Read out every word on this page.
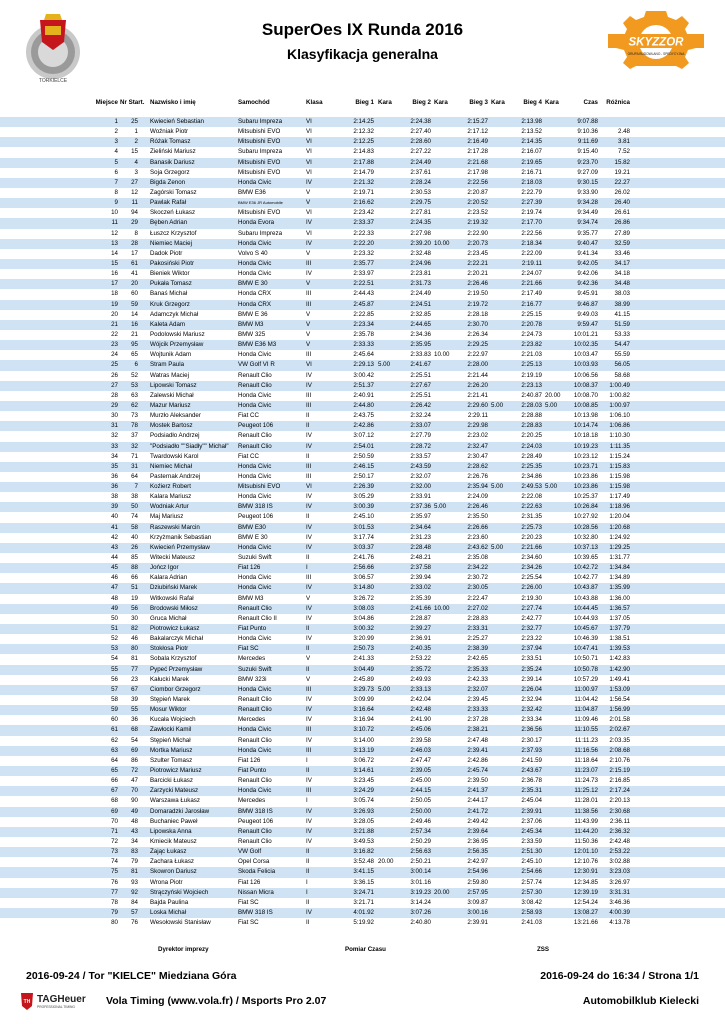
TORKIELCE
SuperOes IX Runda 2016
Klasyfikacja generalna
SKYZZOR
GRUPA BUDOWLANO - SPEDYCYJNA
Miejsce Nr Start. Nazwisko i imię	Samochód	Klasa	Bieg 1 Kara	Bieg 2 Kara	Bieg 3 Kara	Bieg 4 Kara	Czas	Różnica
1	25 Kwiecień Sebastian	Subaru Impreza	VI	2:14.25	2:24.38	2:15.27	2:13.98	9:07.88
2	1 Woźniak Piotr	Mitsubishi EVO	VI	2:12.32	2:27.40	2:17.12	2:13.52	9:10.36	2.48
3	2 Różak Tomasz	Mitsubishi EVO	VI	2:12.25	2:28.60	2:16.49	2:14.35	9:11.69	3.81
4	15 Zieliński Mariusz	Subaru Impreza	VI	2:14.83	2:27.22	2:17.28	2:16.07	9:15.40	7.52
5	4 Banasik Dariusz	Mitsubishi EVO	VI	2:17.88	2:24.49	2:21.68	2:19.65	9:23.70	15.82
6	3 Soja Grzegorz	Mitsubishi EVO	VI	2:14.79	2:37.61	2:17.98	2:16.71	9:27.09	19.21
7	27 Bigda Zenon	Honda Civic	IV	2:21.32	2:28.24	2:22.56	2:18.03	9:30.15	22.27
8	12 Zagórski Tomasz	BMW E36	V	2:19.71	2:30.53	2:20.87	2:22.79	9:33.90	26.02
9	11 Pawlak Rafał	BMW E36 JR Automobile	V	2:16.62	2:29.75	2:20.52	2:27.39	9:34.28	26.40
10	94 Skoczeń Łukasz	Mitsubishi EVO	VI	2:23.42	2:27.81	2:23.52	2:19.74	9:34.49	26.61
11	29 Bęben Adrian	Honda Evora	IV	2:33.37	2:24.35	2:19.32	2:17.70	9:34.74	26.86
12	8 Łuszcz Krzysztof	Subaru Impreza	VI	2:22.33	2:27.98	2:22.90	2:22.56	9:35.77	27.89
13	28 Niemiec Maciej	Honda Civic	IV	2:22.20	2:39.20 10.00	2:20.73	2:18.34	9:40.47	32.59
14	17 Dadok Piotr	Volvo S 40	V	2:23.32	2:32.48	2:23.45	2:22.09	9:41.34	33.46
15	61 Pakosiński Piotr	Honda Civic	III	2:35.77	2:24.96	2:22.21	2:19.11	9:42.05	34.17
16	41 Bieniek Wiktor	Honda Civic	IV	2:33.97	2:23.81	2:20.21	2:24.07	9:42.06	34.18
17	20 Pukała Tomasz	BMW E 30	V	2:22.51	2:31.73	2:26.46	2:21.66	9:42.36	34.48
18	60 Banaś Michał	Honda CRX	III	2:44.43	2:24.49	2:19.50	2:17.49	9:45.91	38.03
19	59 Kruk Grzegorz	Honda CRX	III	2:45.87	2:24.51	2:19.72	2:16.77	9:46.87	38.99
20	14 Adamczyk Michał	BMW E 36	V	2:22.85	2:32.85	2:28.18	2:25.15	9:49.03	41.15
21	16 Kaleta Adam	BMW M3	V	2:23.34	2:44.65	2:30.70	2:20.78	9:59.47	51.59
22	21 Podolowski Mariusz	BMW 325	V	2:35.78	2:34.36	2:26.34	2:24.73	10:01.21	53.33
23	95 Wójcik Przemysław	BMW E36 M3	V	2:33.33	2:35.95	2:29.25	2:23.82	10:02.35	54.47
24	65 Wojtunik Adam	Honda Civic	III	2:45.64	2:33.83 10.00	2:22.97	2:21.03	10:03.47	55.59
25	6 Stram Paula	VW Golf VI R	VI	2:29.13 5.00	2:41.67	2:28.00	2:25.13	10:03.93	56.05
26	52 Watras Maciej	Renault Clio	IV	3:00.42	2:25.51	2:21.44	2:19.19	10:06.56	58.68
27	53 Lipowski Tomasz	Renault Clio	IV	2:51.37	2:27.67	2:26.20	2:23.13	10:08.37	1:00.49
28	63 Zalewski Michał	Honda Civic	III	2:40.91	2:25.51	2:21.41	2:40.87 20.00	10:08.70	1:00.82
29	62 Mazur Mariusz	Honda Civic	III	2:44.80	2:26.42	2:29.60 5.00	2:28.03 5.00	10:08.85	1:00.97
30	73 Murzło Aleksander	Fiat CC	II	2:43.75	2:32.24	2:29.11	2:28.88	10:13.98	1:06.10
31	78 Mostek Bartosz	Peugeot 106	II	2:42.86	2:33.07	2:29.98	2:28.83	10:14.74	1:06.86
32	37 Podsiadło Andrzej	Renault Clio	IV	3:07.12	2:27.79	2:23.02	2:20.25	10:18.18	1:10.30
33	32 "Podsiadło ""Siadły"" Michał" Renault Clio	IV	2:54.01	2:28.72	2:32.47	2:24.03	10:19.23	1:11.35
34	71 Twardowski Karol	Fiat CC	II	2:50.59	2:33.57	2:30.47	2:28.49	10:23.12	1:15.24
35	31 Niemiec Michał	Honda Civic	III	2:46.15	2:43.59	2:28.62	2:25.35	10:23.71	1:15.83
36	64 Pasternak Andrzej	Honda Civic	III	2:50.17	2:32.07	2:26.76	2:34.86	10:23.86	1:15.98
36	7 Koźierz Robert	Mitsubishi EVO	VI	2:26.39	2:32.00	2:35.94 5.00	2:49.53 5.00	10:23.86	1:15.98
38	38 Kalara Mariusz	Honda Civic	IV	3:05.29	2:33.91	2:24.09	2:22.08	10:25.37	1:17.49
39	50 Wodniak Artur	BMW 318 IS	IV	3:00.39	2:37.36 5.00	2:26.46	2:22.63	10:26.84	1:18.96
40	74 Maj Mariusz	Peugeot 106	II	2:45.10	2:35.97	2:35.50	2:31.35	10:27.92	1:20.04
41	58 Raszewski Marcin	BMW E30	IV	3:01.53	2:34.64	2:26.66	2:25.73	10:28.56	1:20.68
42	40 Krzyżmanik Sebastian	BMW E 30	IV	3:17.74	2:31.23	2:23.60	2:20.23	10:32.80	1:24.92
43	26 Kwiecień Przemysław	Honda Civic	IV	3:03.37	2:28.48	2:43.62 5.00	2:21.66	10:37.13	1:29.25
44	85 Witecki Mateusz	Suzuki Swift	II	2:41.76	2:48.21	2:35.08	2:34.60	10:39.65	1:31.77
45	88 Jończ Igor	Fiat 126	I	2:56.66	2:37.58	2:34.22	2:34.26	10:42.72	1:34.84
46	66 Kalara Adrian	Honda Civic	III	3:06.57	2:39.94	2:30.72	2:25.54	10:42.77	1:34.89
47	51 Dziubiński Marek	Honda Civic	IV	3:14.80	2:33.02	2:30.05	2:26.00	10:43.87	1:35.99
48	19 Witkowski Rafał	BMW M3	V	3:26.72	2:35.39	2:22.47	2:19.30	10:43.88	1:36.00
49	56 Brodowski Miłosz	Renault Clio	IV	3:08.03	2:41.66 10.00	2:27.02	2:27.74	10:44.45	1:36.57
50	30 Gruca Michał	Renault Clio II	IV	3:04.86	2:28.87	2:28.83	2:42.77	10:44.93	1:37.05
51	82 Piotrowicz Łukasz	Fiat Punto	II	3:00.32	2:39.27	2:33.31	2:32.77	10:45.67	1:37.79
52	46 Bakalarczyk Michał	Honda Civic	IV	3:20.99	2:36.91	2:25.27	2:23.22	10:46.39	1:38.51
53	80 Stokłosa Piotr	Fiat SC	II	2:50.73	2:40.35	2:38.39	2:37.94	10:47.41	1:39.53
54	81 Sobala Krzysztof	Mercedes	V	2:41.33	2:53.22	2:42.65	2:33.51	10:50.71	1:42.83
55	77 Pypeć Przemysław	Suzuki Swift	II	3:04.49	2:35.72	2:35.33	2:35.24	10:50.78	1:42.90
56	23 Kałucki Marek	BMW 323i	V	2:45.89	2:49.93	2:42.33	2:39.14	10:57.29	1:49.41
57	67 Ciombor Grzegorz	Honda Civic	III	3:29.73 5.00	2:33.13	2:32.07	2:26.04	11:00.97	1:53.09
58	39 Stępień Marek	Renault Clio	IV	3:09.99	2:42.04	2:39.45	2:32.94	11:04.42	1:56.54
59	55 Mosur Wiktor	Renault Clio	IV	3:16.64	2:42.48	2:33.33	2:32.42	11:04.87	1:56.99
60	36 Kucała Wojciech	Mercedes	IV	3:16.94	2:41.90	2:37.28	2:33.34	11:09.46	2:01.58
61	68 Zawłocki Kamil	Honda Civic	III	3:10.72	2:45.06	2:38.21	2:36.56	11:10.55	2:02.67
62	54 Stępień Michał	Renault Clio	IV	3:14.00	2:39.58	2:47.48	2:30.17	11:11.23	2:03.35
63	69 Mortka Mariusz	Honda Civic	III	3:13.19	2:46.03	2:39.41	2:37.93	11:16.56	2:08.68
64	86 Szulter Tomasz	Fiat 126	I	3:06.72	2:47.47	2:42.86	2:41.59	11:18.64	2:10.76
65	72 Piotrowicz Mariusz	Fiat Punto	II	3:14.61	2:39.05	2:45.74	2:43.67	11:23.07	2:15.19
66	47 Barcicki Łukasz	Renault Clio	IV	3:23.45	2:45.00	2:39.50	2:36.78	11:24.73	2:16.85
67	70 Zarzycki Mateusz	Honda Civic	III	3:24.29	2:44.15	2:41.37	2:35.31	11:25.12	2:17.24
68	90 Warszawa Łukasz	Mercedes	I	3:05.74	2:50.05	2:44.17	2:45.04	11:28.01	2:20.13
69	49 Domaradzki Jarosław	BMW 318 IS	IV	3:26.93	2:50.00	2:41.72	2:39.91	11:38.56	2:30.68
70	48 Buchaniec Paweł	Peugeot 106	IV	3:28.05	2:49.46	2:49.42	2:37.06	11:43.99	2:36.11
71	43 Lipowska Anna	Renault Clio	IV	3:21.88	2:57.34	2:39.64	2:45.34	11:44.20	2:36.32
72	34 Kmiecik Mateusz	Renault Clio	IV	3:49.53	2:50.29	2:36.95	2:33.59	11:50.36	2:42.48
73	83 Zając Łukasz	VW Golf	II	3:16.82	2:56.63	2:56.35	2:51.30	12:01.10	2:53.22
74	79 Zachara Łukasz	Opel Corsa	II	3:52.48 20.00	2:50.21	2:42.97	2:45.10	12:10.76	3:02.88
75	81 Skowron Dariusz	Skoda Felicia	II	3:41.15	3:00.14	2:54.96	2:54.66	12:30.91	3:23.03
76	93 Wrona Piotr	Fiat 126	I	3:36.15	3:01.16	2:59.80	2:57.74	12:34.85	3:26.97
77	92 Strączyński Wojciech	Nissan Micra	I	3:24.71	3:19.23 20.00	2:57.95	2:57.30	12:39.19	3:31.31
78	84 Bajda Paulina	Fiat SC	II	3:21.71	3:14.24	3:09.87	3:08.42	12:54.24	3:46.36
79	57 Loska Michał	BMW 318 IS	IV	4:01.92	3:07.26	3:00.16	2:58.93	13:08.27	4:00.39
80	76 Wesołowski Stanisław	Fiat SC	II	5:19.92	2:40.80	2:39.91	2:41.03	13:21.66	4:13.78
Dyrektor imprezy	Pomiar Czasu	ZSS
2016-09-24 / Tor "KIELCE" Miedziana Góra	2016-09-24 do 16:34 / Strona 1/1
TH TAGHeuer
PROFESSIONAL TIMING	Vola Timing (www.vola.fr) / Msports Pro 2.07	Automobilklub Kielecki
